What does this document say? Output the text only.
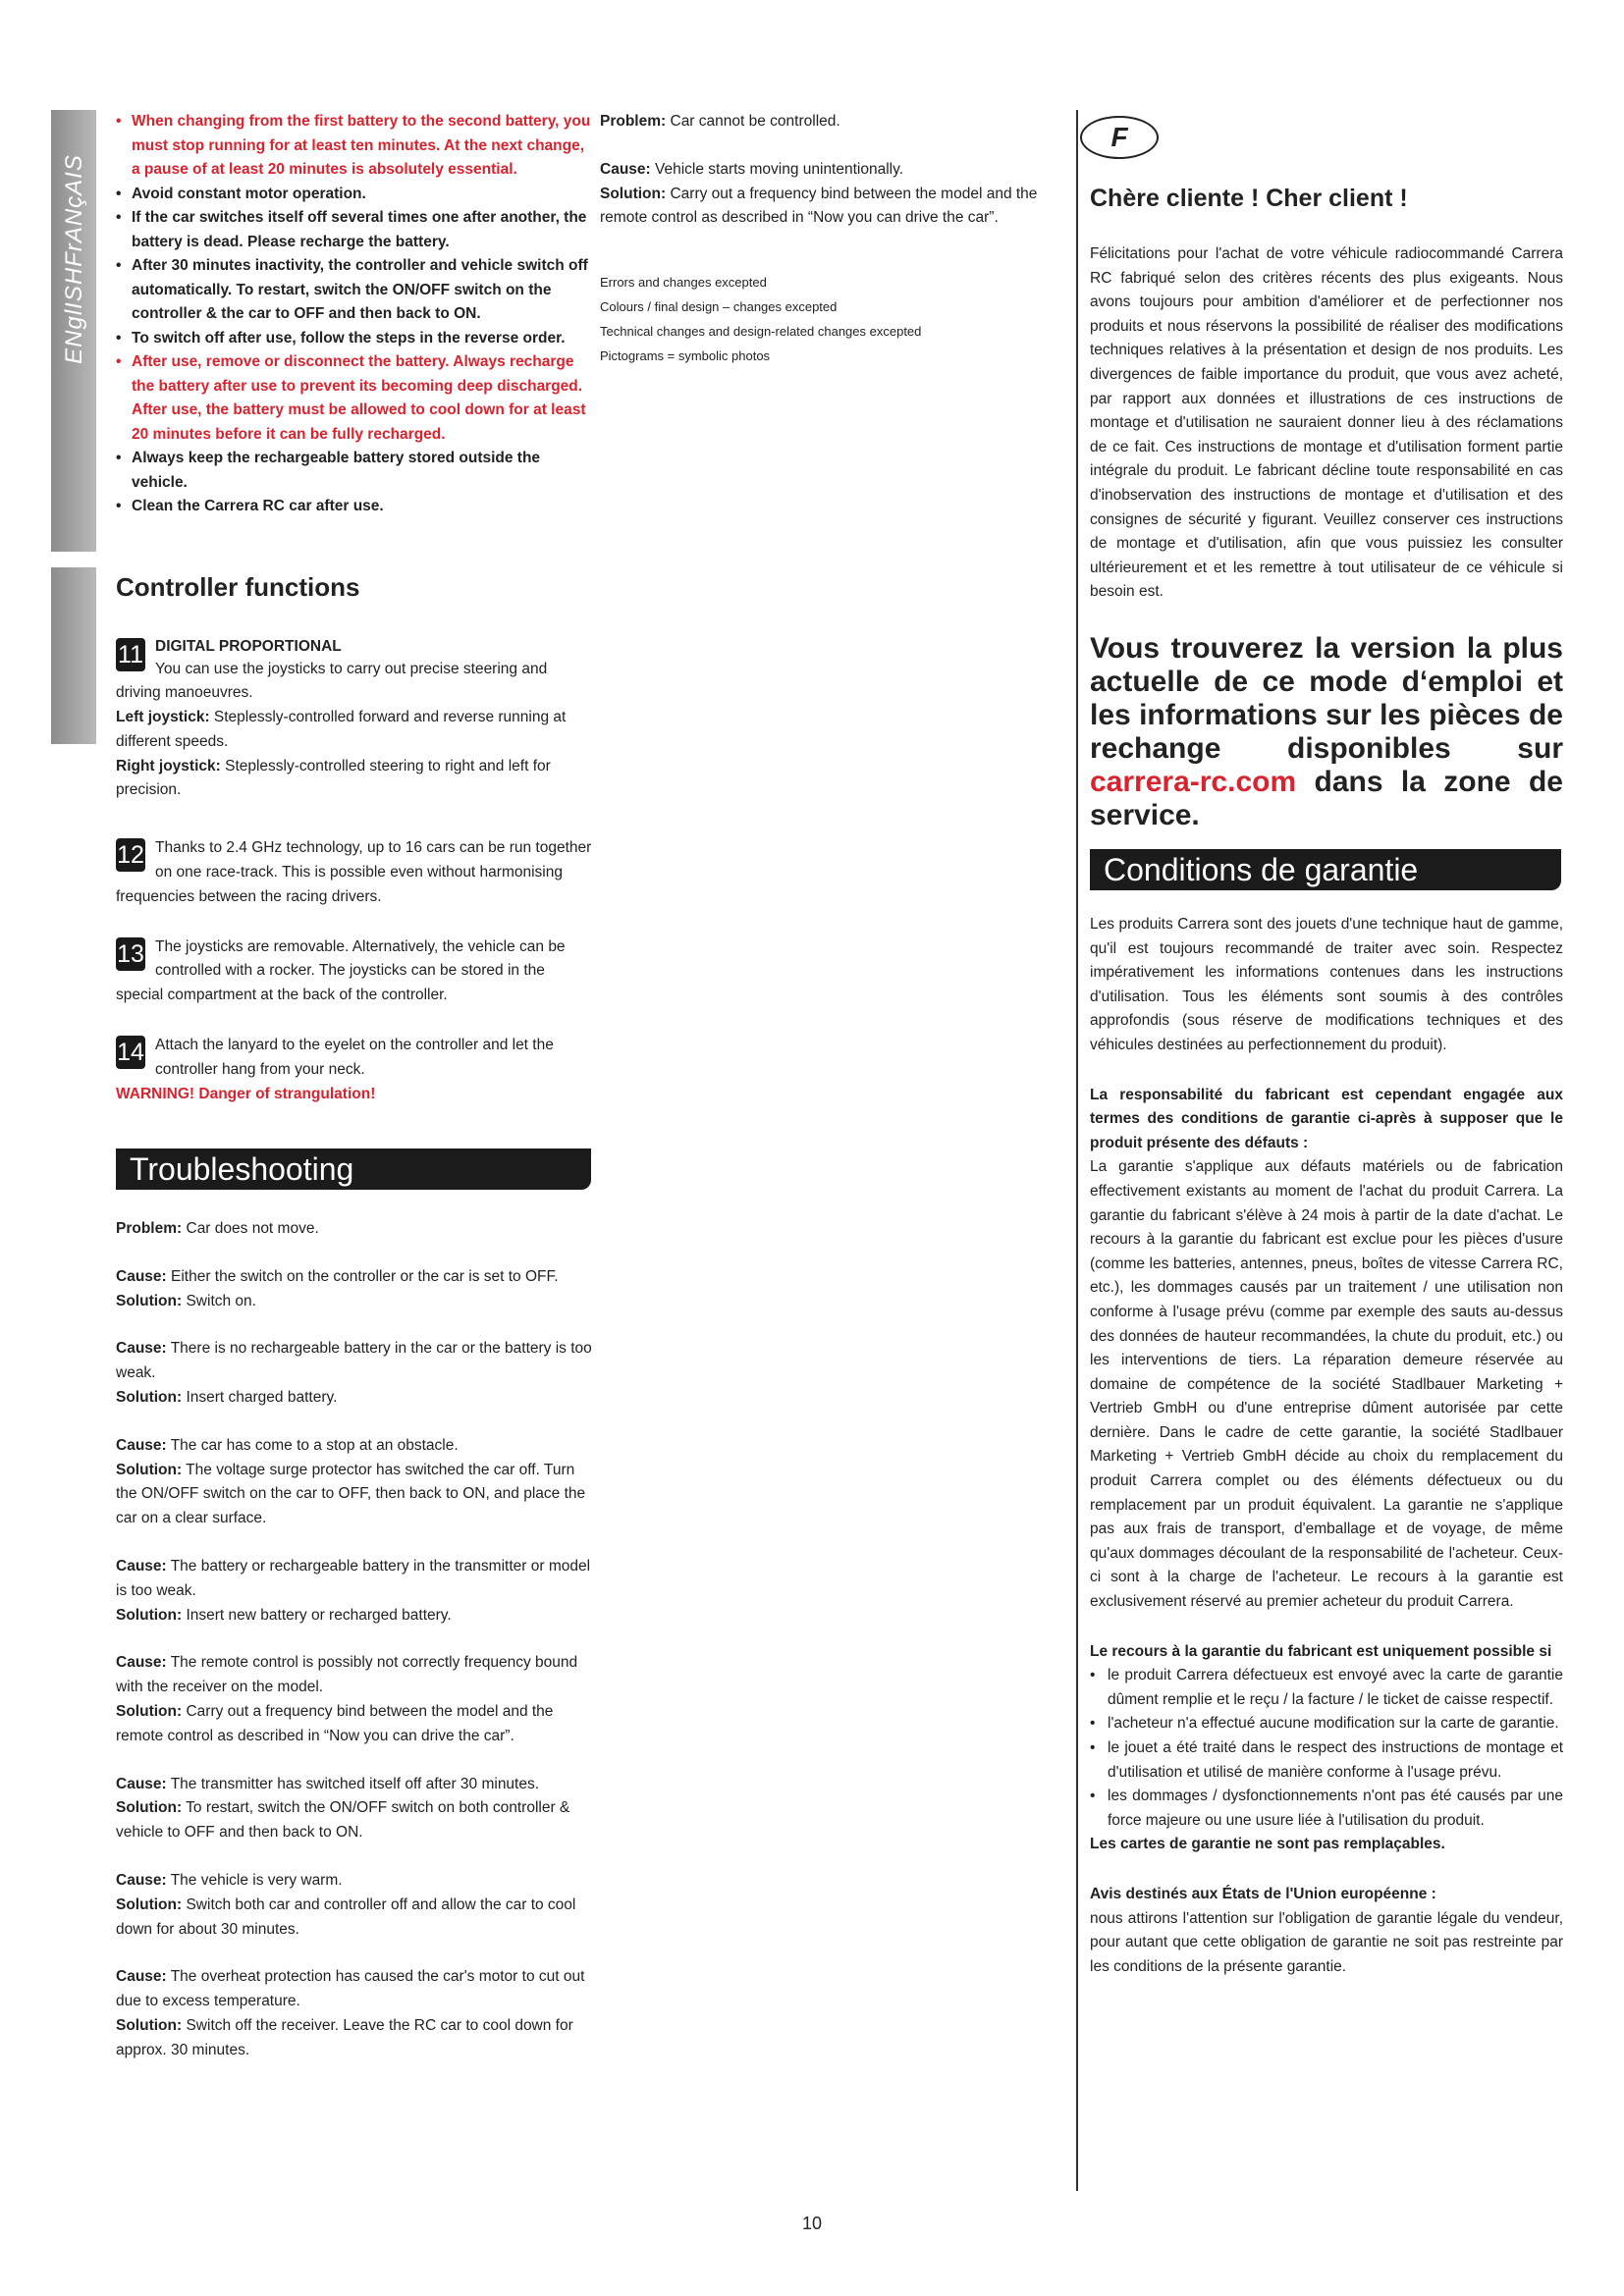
ENglISHFrANçAIS
• When changing from the first battery to the second battery, you must stop running for at least ten minutes. At the next change, a pause of at least 20 minutes is absolutely essential.
• Avoid constant motor operation.
• If the car switches itself off several times one after another, the battery is dead. Please recharge the battery.
• After 30 minutes inactivity, the controller and vehicle switch off automatically. To restart, switch the ON/OFF switch on the controller & the car to OFF and then back to ON.
• To switch off after use, follow the steps in the reverse order.
• After use, remove or disconnect the battery. Always recharge the battery after use to prevent its becoming deep discharged. After use, the battery must be allowed to cool down for at least 20 minutes before it can be fully recharged.
• Always keep the rechargeable battery stored outside the vehicle.
• Clean the Carrera RC car after use.
Controller functions
11 DIGITAL PROPORTIONAL
You can use the joysticks to carry out precise steering and driving manoeuvres.
Left joystick: Steplessly-controlled forward and reverse running at different speeds.
Right joystick: Steplessly-controlled steering to right and left for precision.
12 Thanks to 2.4 GHz technology, up to 16 cars can be run together on one race-track. This is possible even without harmonising frequencies between the racing drivers.
13 The joysticks are removable. Alternatively, the vehicle can be controlled with a rocker. The joysticks can be stored in the special compartment at the back of the controller.
14 Attach the lanyard to the eyelet on the controller and let the controller hang from your neck.
WARNING! Danger of strangulation!
Troubleshooting
Problem: Car does not move.
Cause: Either the switch on the controller or the car is set to OFF.
Solution: Switch on.
Cause: There is no rechargeable battery in the car or the battery is too weak.
Solution: Insert charged battery.
Cause: The car has come to a stop at an obstacle.
Solution: The voltage surge protector has switched the car off. Turn the ON/OFF switch on the car to OFF, then back to ON, and place the car on a clear surface.
Cause: The battery or rechargeable battery in the transmitter or model is too weak.
Solution: Insert new battery or recharged battery.
Cause: The remote control is possibly not correctly frequency bound with the receiver on the model.
Solution: Carry out a frequency bind between the model and the remote control as described in “Now you can drive the car”.
Cause: The transmitter has switched itself off after 30 minutes.
Solution: To restart, switch the ON/OFF switch on both controller & vehicle to OFF and then back to ON.
Cause: The vehicle is very warm.
Solution: Switch both car and controller off and allow the car to cool down for about 30 minutes.
Cause: The overheat protection has caused the car's motor to cut out due to excess temperature.
Solution: Switch off the receiver. Leave the RC car to cool down for approx. 30 minutes.
Problem: Car cannot be controlled.
Cause: Vehicle starts moving unintentionally.
Solution: Carry out a frequency bind between the model and the remote control as described in “Now you can drive the car”.
Errors and changes excepted
Colours / final design – changes excepted
Technical changes and design-related changes excepted
Pictograms = symbolic photos
F
Chère cliente ! Cher client !
Félicitations pour l'achat de votre véhicule radiocommandé Carrera RC fabriqué selon des critères récents des plus exigeants. Nous avons toujours pour ambition d'améliorer et de perfectionner nos produits et nous réservons la possibilité de réaliser des modifications techniques relatives à la présentation et design de nos produits. Les divergences de faible importance du produit, que vous avez acheté, par rapport aux données et illustrations de ces instructions de montage et d'utilisation ne sauraient donner lieu à des réclamations de ce fait. Ces instructions de montage et d'utilisation forment partie intégrale du produit. Le fabricant décline toute responsabilité en cas d'inobservation des instructions de montage et d'utilisation et des consignes de sécurité y figurant. Veuillez conserver ces instructions de montage et d'utilisation, afin que vous puissiez les consulter ultérieurement et et les remettre à tout utilisateur de ce véhicule si besoin est.
Vous trouverez la version la plus actuelle de ce mode d‘emploi et les informations sur les pièces de rechange disponibles sur carrera-rc.com dans la zone de service.
Conditions de garantie
Les produits Carrera sont des jouets d'une technique haut de gamme, qu'il est toujours recommandé de traiter avec soin. Respectez impérativement les informations contenues dans les instructions d'utilisation. Tous les éléments sont soumis à des contrôles approfondis (sous réserve de modifications techniques et des véhicules destinées au perfectionnement du produit).
La responsabilité du fabricant est cependant engagée aux termes des conditions de garantie ci-après à supposer que le produit présente des défauts :
La garantie s'applique aux défauts matériels ou de fabrication effectivement existants au moment de l'achat du produit Carrera. La garantie du fabricant s'élève à 24 mois à partir de la date d'achat. Le recours à la garantie du fabricant est exclue pour les pièces d'usure (comme les batteries, antennes, pneus, boîtes de vitesse Carrera RC, etc.), les dommages causés par un traitement / une utilisation non conforme à l'usage prévu (comme par exemple des sauts au-dessus des données de hauteur recommandées, la chute du produit, etc.) ou les interventions de tiers. La réparation demeure réservée au domaine de compétence de la société Stadlbauer Marketing + Vertrieb GmbH ou d'une entreprise dûment autorisée par cette dernière. Dans le cadre de cette garantie, la société Stadlbauer Marketing + Vertrieb GmbH décide au choix du remplacement du produit Carrera complet ou des éléments défectueux ou du remplacement par un produit équivalent. La garantie ne s'applique pas aux frais de transport, d'emballage et de voyage, de même qu'aux dommages découlant de la responsabilité de l'acheteur. Ceux-ci sont à la charge de l'acheteur. Le recours à la garantie est exclusivement réservé au premier acheteur du produit Carrera.
Le recours à la garantie du fabricant est uniquement possible si
• le produit Carrera défectueux est envoyé avec la carte de garantie dûment remplie et le reçu / la facture / le ticket de caisse respectif.
• l'acheteur n'a effectué aucune modification sur la carte de garantie.
• le jouet a été traité dans le respect des instructions de montage et d'utilisation et utilisé de manière conforme à l'usage prévu.
• les dommages / dysfonctionnements n'ont pas été causés par une force majeure ou une usure liée à l'utilisation du produit.
Les cartes de garantie ne sont pas remplaçables.
Avis destinés aux États de l'Union européenne :
nous attirons l'attention sur l'obligation de garantie légale du vendeur, pour autant que cette obligation de garantie ne soit pas restreinte par les conditions de la présente garantie.
10
